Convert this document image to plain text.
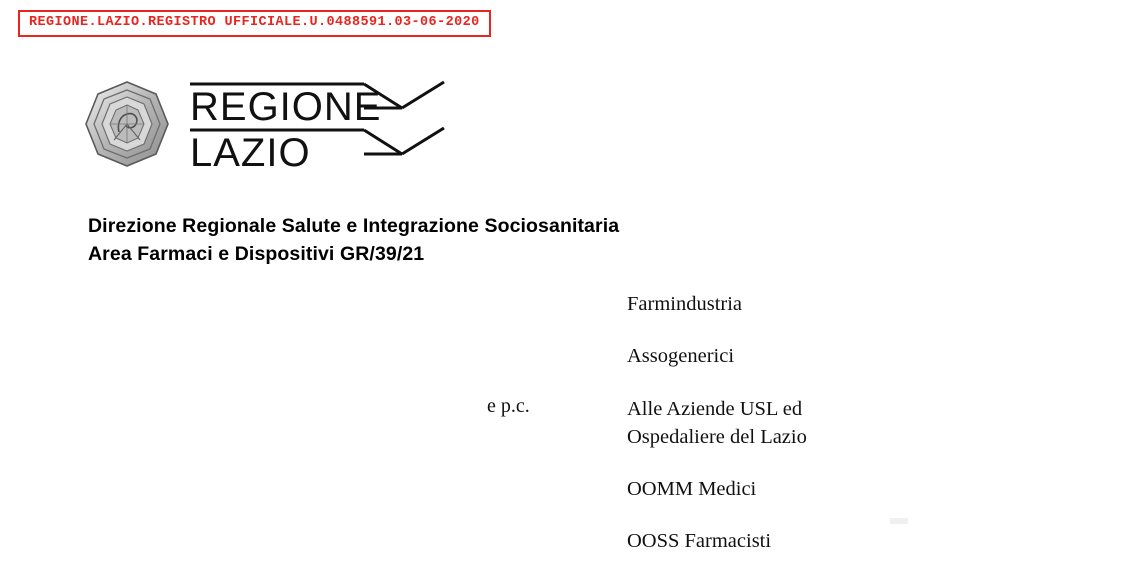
REGIONE.LAZIO.REGISTRO UFFICIALE.U.0488591.03-06-2020
REGIONE
LAZIO
Direzione Regionale Salute e Integrazione Sociosanitaria
Area Farmaci e Dispositivi GR/39/21
Farmindustria
Assogenerici
e p.c.	Alle Aziende USL ed
Ospedaliere del Lazio
OOMM Medici
OOSS Farmacisti
